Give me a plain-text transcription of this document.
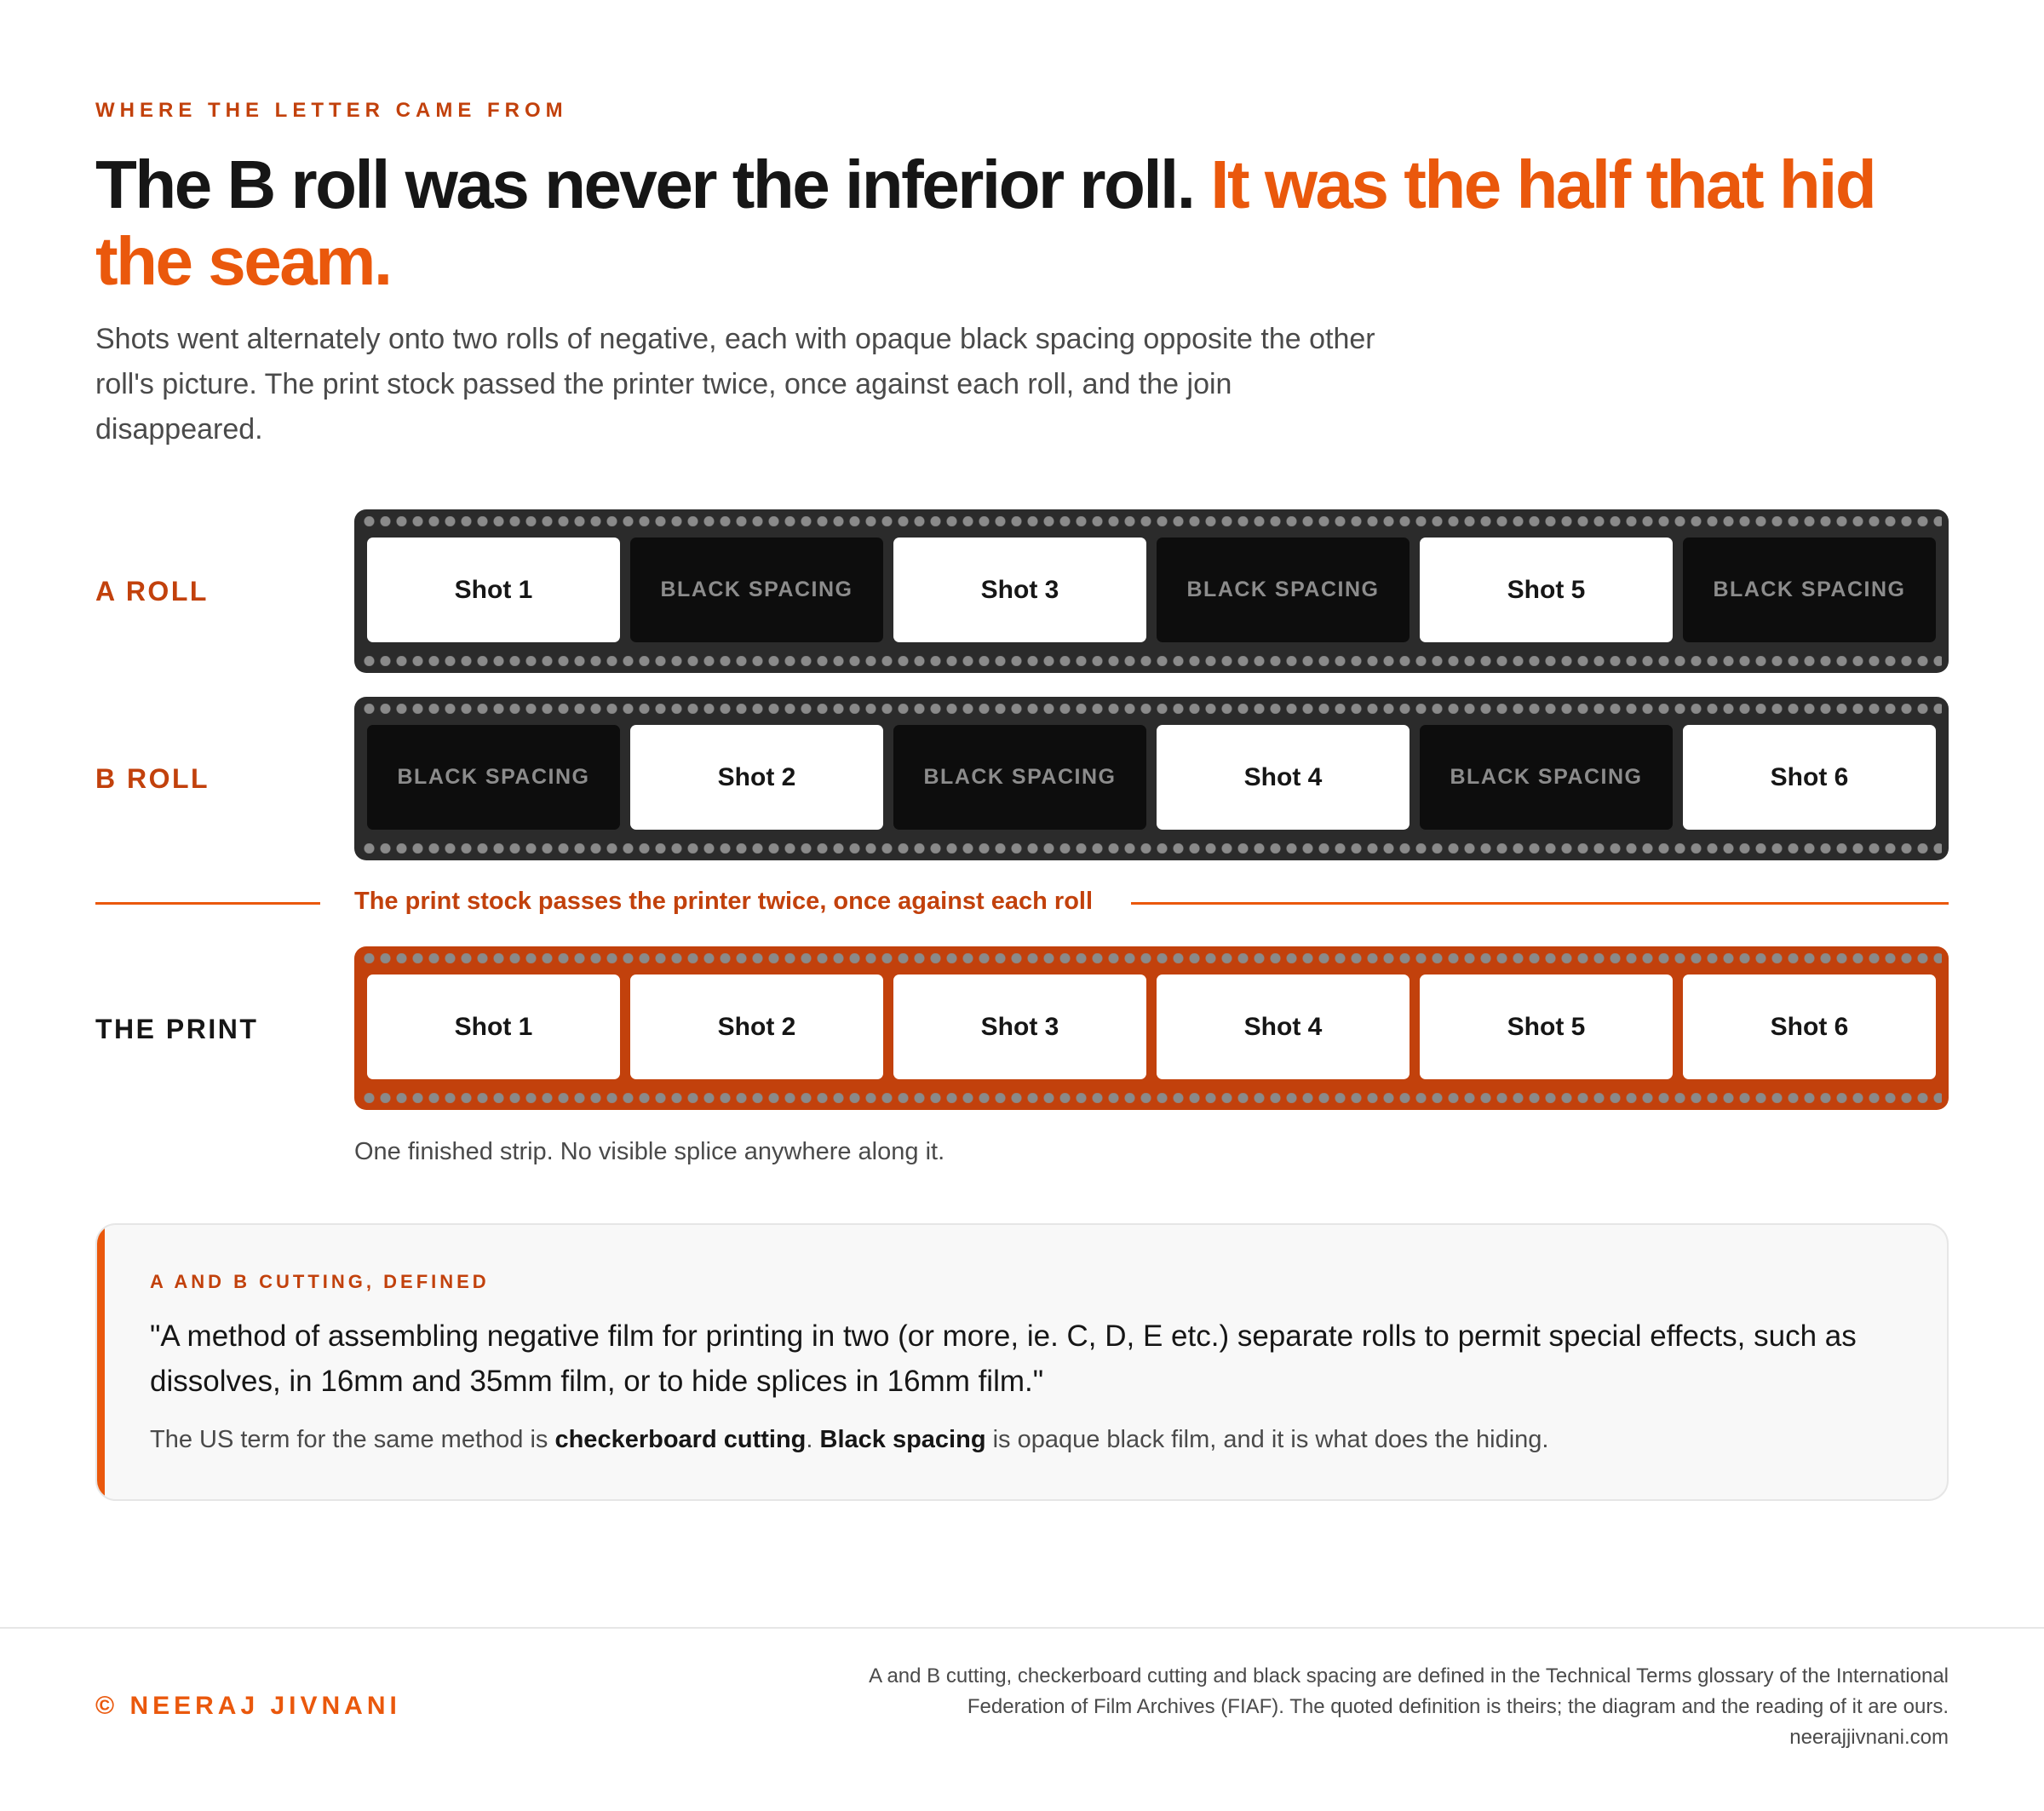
WHERE THE LETTER CAME FROM
The B roll was never the inferior roll. It was the half that hid the seam.

Shots went alternately onto two rolls of negative, each with opaque black spacing opposite the other roll's picture. The print stock passed the printer twice, once against each roll, and the join disappeared.

A ROLL	Shot 1	BLACK SPACING	Shot 3	BLACK SPACING	Shot 5	BLACK SPACING
B ROLL	BLACK SPACING	Shot 2	BLACK SPACING	Shot 4	BLACK SPACING	Shot 6
The print stock passes the printer twice, once against each roll
THE PRINT	Shot 1	Shot 2	Shot 3	Shot 4	Shot 5	Shot 6
One finished strip. No visible splice anywhere along it.
A AND B CUTTING, DEFINED

"A method of assembling negative film for printing in two (or more, ie. C, D, E etc.) separate rolls to permit special effects, such as dissolves, in 16mm and 35mm film, or to hide splices in 16mm film."

The US term for the same method is checkerboard cutting. Black spacing is opaque black film, and it is what does the hiding.

© NEERAJ JIVNANI
A and B cutting, checkerboard cutting and black spacing are defined in the Technical Terms glossary of the International
Federation of Film Archives (FIAF). The quoted definition is theirs; the diagram and the reading of it are ours.
neerajjivnani.com
